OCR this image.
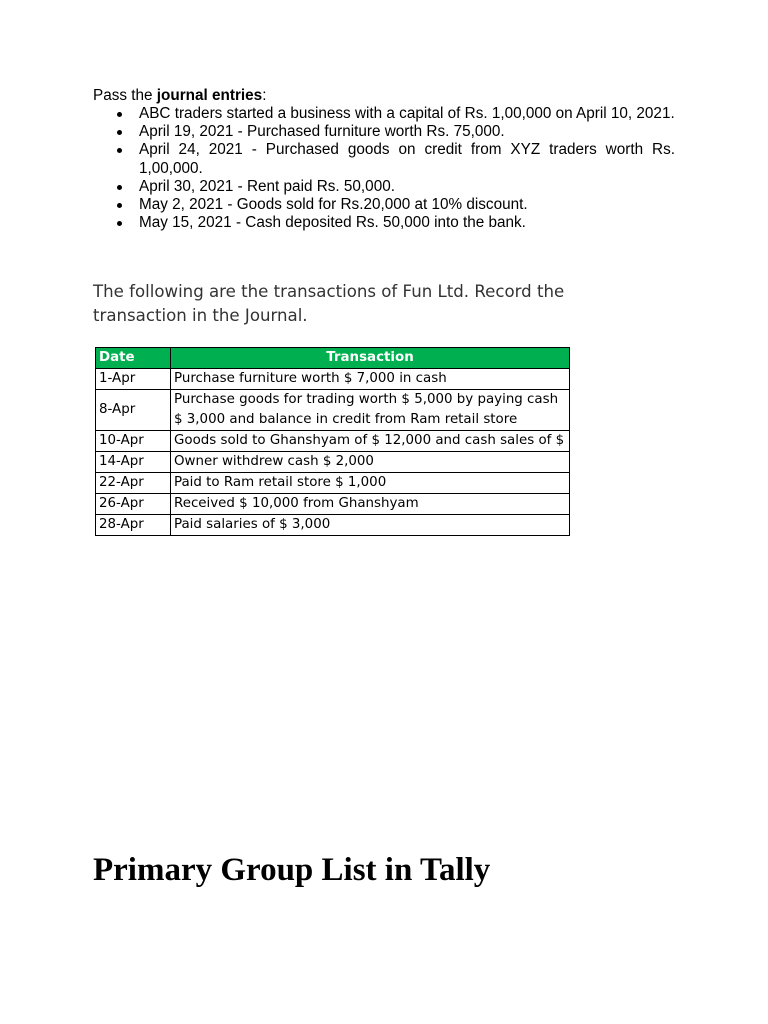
Pass the journal entries:

ABC traders started a business with a capital of Rs. 1,00,000 on April 10, 2021.
April 19, 2021 - Purchased furniture worth Rs. 75,000.
April 24, 2021 - Purchased goods on credit from XYZ traders worth Rs. 1,00,000.
April 30, 2021 - Rent paid Rs. 50,000.
May 2, 2021 - Goods sold for Rs.20,000 at 10% discount.
May 15, 2021 - Cash deposited Rs. 50,000 into the bank.

The following are the transactions of Fun Ltd. Record the transaction in the Journal.

Date	Transaction
1-Apr	Purchase furniture worth $ 7,000 in cash
8-Apr	Purchase goods for trading worth $ 5,000 by paying cash $ 3,000 and balance in credit from Ram retail store
10-Apr	Goods sold to Ghanshyam of $ 12,000 and cash sales of $
14-Apr	Owner withdrew cash $ 2,000
22-Apr	Paid to Ram retail store $ 1,000
26-Apr	Received $ 10,000 from Ghanshyam
28-Apr	Paid salaries of $ 3,000
Primary Group List in Tally
